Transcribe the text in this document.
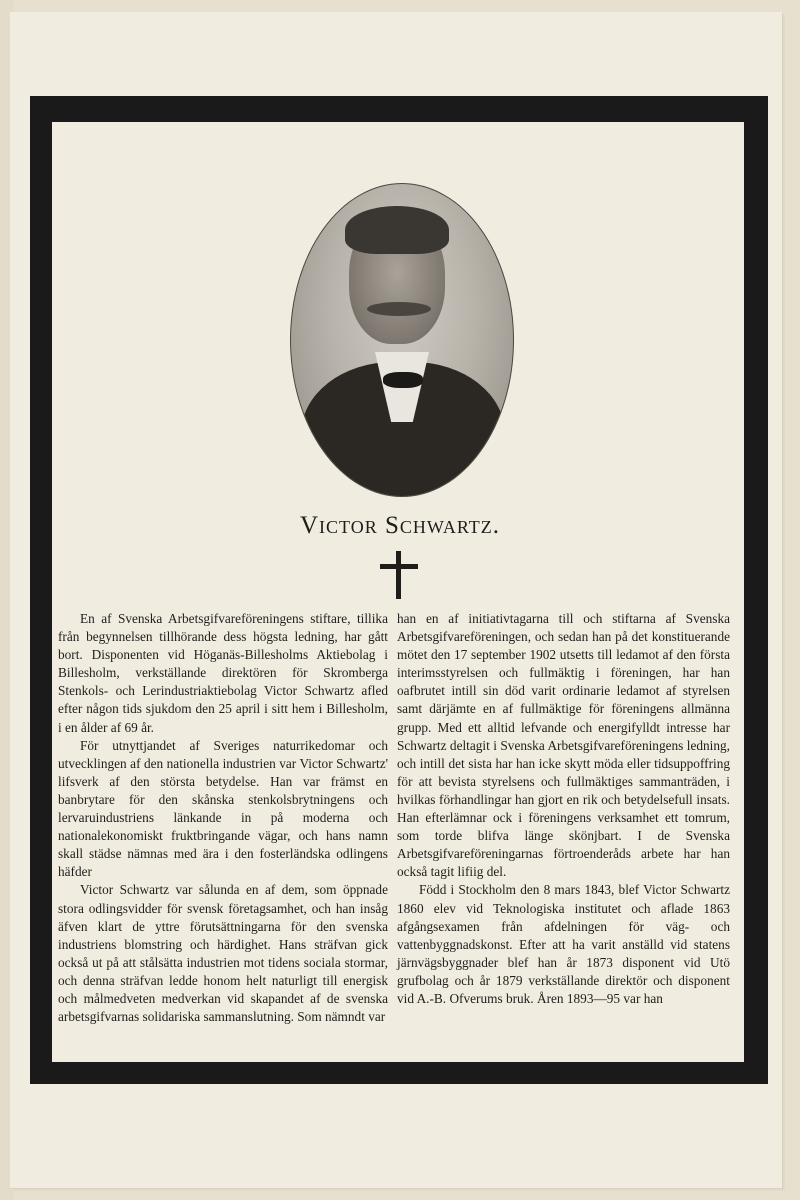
Victor Schwartz.

En af Svenska Arbetsgifvareföreningens stiftare, tillika från begynnelsen tillhörande dess högsta ledning, har gått bort. Disponenten vid Höganäs-Billesholms Aktiebolag i Billesholm, verkställande direktören för Skromberga Stenkols- och Lerindustriaktiebolag Victor Schwartz afled efter någon tids sjukdom den 25 april i sitt hem i Billesholm, i en ålder af 69 år.

För utnyttjandet af Sveriges naturrikedomar och utvecklingen af den nationella industrien var Victor Schwartz' lifsverk af den största betydelse. Han var främst en banbrytare för den skånska stenkolsbrytningens och lervaruindustriens länkande in på moderna och nationalekonomiskt fruktbringande vägar, och hans namn skall städse nämnas med ära i den fosterländska odlingens häfder

Victor Schwartz var sålunda en af dem, som öppnade stora odlingsvidder för svensk företagsamhet, och han insåg äfven klart de yttre förutsättningarna för den svenska industriens blomstring och härdighet. Hans sträfvan gick också ut på att stålsätta industrien mot tidens sociala stormar, och denna sträfvan ledde honom helt naturligt till energisk och målmedveten medverkan vid skapandet af de svenska arbetsgifvarnas solidariska sammanslutning. Som nämndt var

han en af initiativtagarna till och stiftarna af Svenska Arbetsgifvareföreningen, och sedan han på det konstituerande mötet den 17 september 1902 utsetts till ledamot af den första interimsstyrelsen och fullmäktig i föreningen, har han oafbrutet intill sin död varit ordinarie ledamot af styrelsen samt därjämte en af fullmäktige för föreningens allmänna grupp. Med ett alltid lefvande och energifylldt intresse har Schwartz deltagit i Svenska Arbetsgifvareföreningens ledning, och intill det sista har han icke skytt möda eller tidsuppoffring för att bevista styrelsens och fullmäktiges sammanträden, i hvilkas förhandlingar han gjort en rik och betydelsefull insats. Han efterlämnar ock i föreningens verksamhet ett tomrum, som torde blifva länge skönjbart. I de Svenska Arbetsgifvareföreningarnas förtroenderåds arbete har han också tagit lifiig del.

Född i Stockholm den 8 mars 1843, blef Victor Schwartz 1860 elev vid Teknologiska institutet och aflade 1863 afgångsexamen från afdelningen för väg- och vattenbyggnadskonst. Efter att ha varit anställd vid statens järnvägsbyggnader blef han år 1873 disponent vid Utö grufbolag och år 1879 verkställande direktör och disponent vid A.-B. Ofverums bruk. Åren 1893—95 var han
